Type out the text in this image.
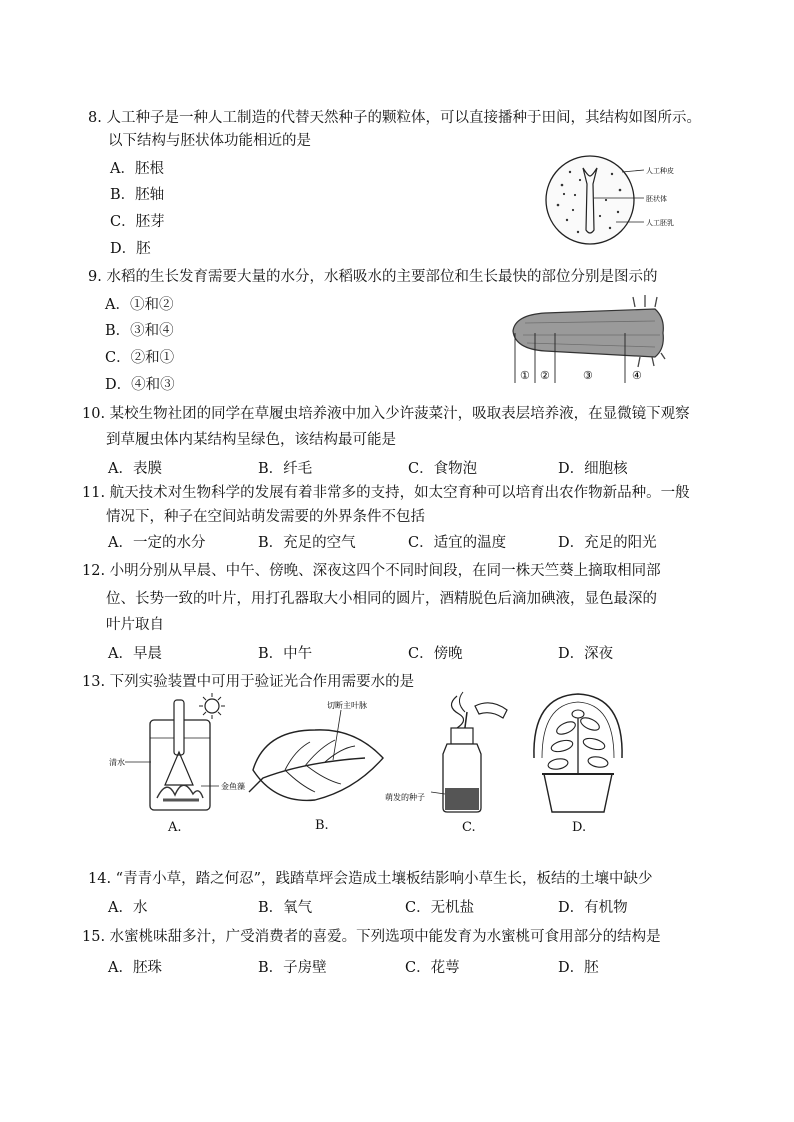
8. 人工种子是一种人工制造的代替天然种子的颗粒体，可以直接播种于田间，其结构如图所示。
以下结构与胚状体功能相近的是
A．胚根
B．胚轴
C．胚芽
D．胚
人工种皮
胚状体
人工胚乳
9. 水稻的生长发育需要大量的水分，水稻吸水的主要部位和生长最快的部位分别是图示的
A．①和②
B．③和④
C．②和①
D．④和③
① ②	③	④
10. 某校生物社团的同学在草履虫培养液中加入少许菠菜汁，吸取表层培养液，在显微镜下观察
到草履虫体内某结构呈绿色，该结构最可能是
A．表膜	B．纤毛	C．食物泡	D．细胞核
11. 航天技术对生物科学的发展有着非常多的支持，如太空育种可以培育出农作物新品种。一般
情况下，种子在空间站萌发需要的外界条件不包括
A．一定的水分	B．充足的空气	C．适宜的温度	D．充足的阳光
12. 小明分别从早晨、中午、傍晚、深夜这四个不同时间段，在同一株天竺葵上摘取相同部
位、长势一致的叶片，用打孔器取大小相同的圆片，酒精脱色后滴加碘液，显色最深的
叶片取自
A．早晨	B．中午	C．傍晚	D．深夜
13. 下列实验装置中可用于验证光合作用需要水的是
清水
金鱼藻
A.
切断主叶脉
B.
萌发的种子
C.	D.
14. “青青小草，踏之何忍”，践踏草坪会造成土壤板结影响小草生长，板结的土壤中缺少
A．水	B．氧气	C．无机盐	D．有机物
15. 水蜜桃味甜多汁，广受消费者的喜爱。下列选项中能发育为水蜜桃可食用部分的结构是
A．胚珠	B．子房壁	C．花萼	D．胚
